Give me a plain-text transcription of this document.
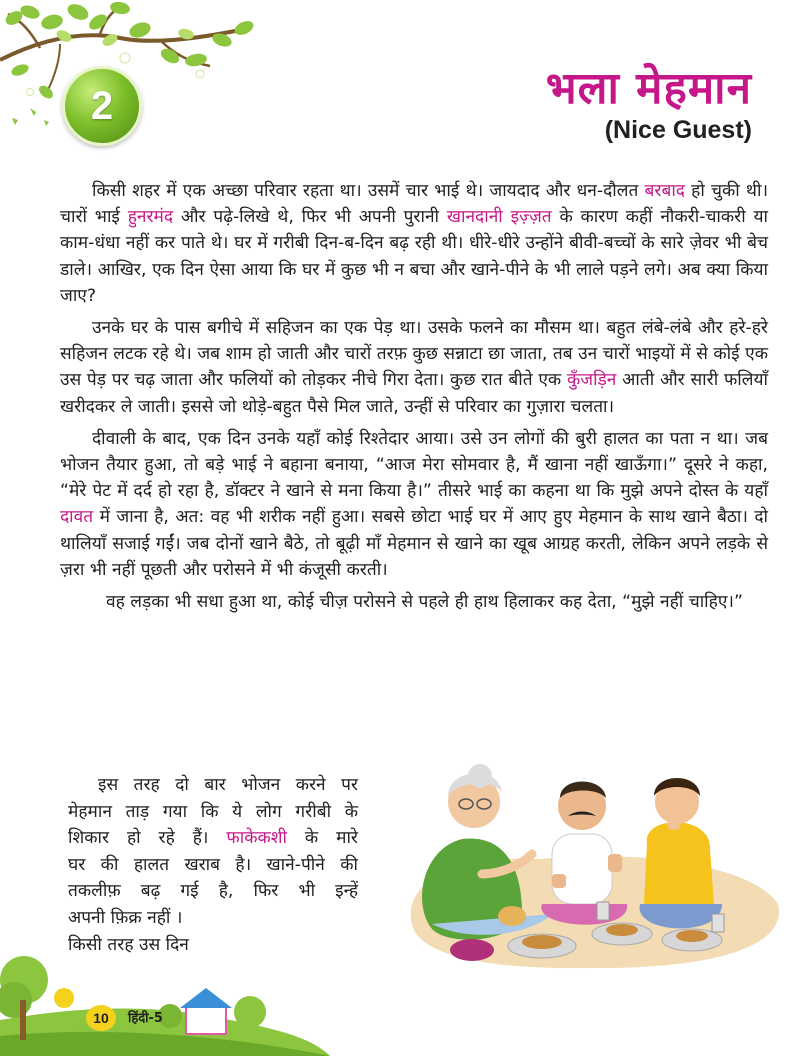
2	भला मेहमान
(Nice Guest)

किसी शहर में एक अच्छा परिवार रहता था। उसमें चार भाई थे। जायदाद और धन-दौलत बरबाद हो चुकी थी। चारों भाई हुनरमंद और पढ़े-लिखे थे, फिर भी अपनी पुरानी खानदानी इज़्ज़त के कारण कहीं नौकरी-चाकरी या काम-धंधा नहीं कर पाते थे। घर में गरीबी दिन-ब-दिन बढ़ रही थी। धीरे-धीरे उन्होंने बीवी-बच्चों के सारे ज़ेवर भी बेच डाले। आखिर, एक दिन ऐसा आया कि घर में कुछ भी न बचा और खाने-पीने के भी लाले पड़ने लगे। अब क्या किया जाए?

उनके घर के पास बगीचे में सहिजन का एक पेड़ था। उसके फलने का मौसम था। बहुत लंबे-लंबे और हरे-हरे सहिजन लटक रहे थे। जब शाम हो जाती और चारों तरफ़ कुछ सन्नाटा छा जाता, तब उन चारों भाइयों में से कोई एक उस पेड़ पर चढ़ जाता और फलियों को तोड़कर नीचे गिरा देता। कुछ रात बीते एक कुँजड़िन आती और सारी फलियाँ खरीदकर ले जाती। इससे जो थोड़े-बहुत पैसे मिल जाते, उन्हीं से परिवार का गुज़ारा चलता।

दीवाली के बाद, एक दिन उनके यहाँ कोई रिश्तेदार आया। उसे उन लोगों की बुरी हालत का पता न था। जब भोजन तैयार हुआ, तो बड़े भाई ने बहाना बनाया, “आज मेरा सोमवार है, मैं खाना नहीं खाऊँगा।” दूसरे ने कहा, “मेरे पेट में दर्द हो रहा है, डॉक्टर ने खाने से मना किया है।” तीसरे भाई का कहना था कि मुझे अपने दोस्त के यहाँ दावत में जाना है, अत: वह भी शरीक नहीं हुआ। सबसे छोटा भाई घर में आए हुए मेहमान के साथ खाने बैठा। दो थालियाँ सजाई गईं। जब दोनों खाने बैठे, तो बूढ़ी माँ मेहमान से खाने का खूब आग्रह करती, लेकिन अपने लड़के से ज़रा भी नहीं पूछती और परोसने में भी कंजूसी करती।

वह लड़का भी सधा हुआ था, कोई चीज़ परोसने से पहले ही हाथ हिलाकर कह देता, “मुझे नहीं चाहिए।”

इस तरह दो बार भोजन करने पर
मेहमान ताड़ गया कि ये लोग गरीबी के
शिकार हो रहे हैं। फाकेकशी के मारे
घर की हालत खराब है। खाने-पीने की
तकलीफ़ बढ़ गई है, फिर भी इन्हें
अपनी फ़िक्र नहीं ।
किसी तरह उस दिन
10 हिंदी-5
